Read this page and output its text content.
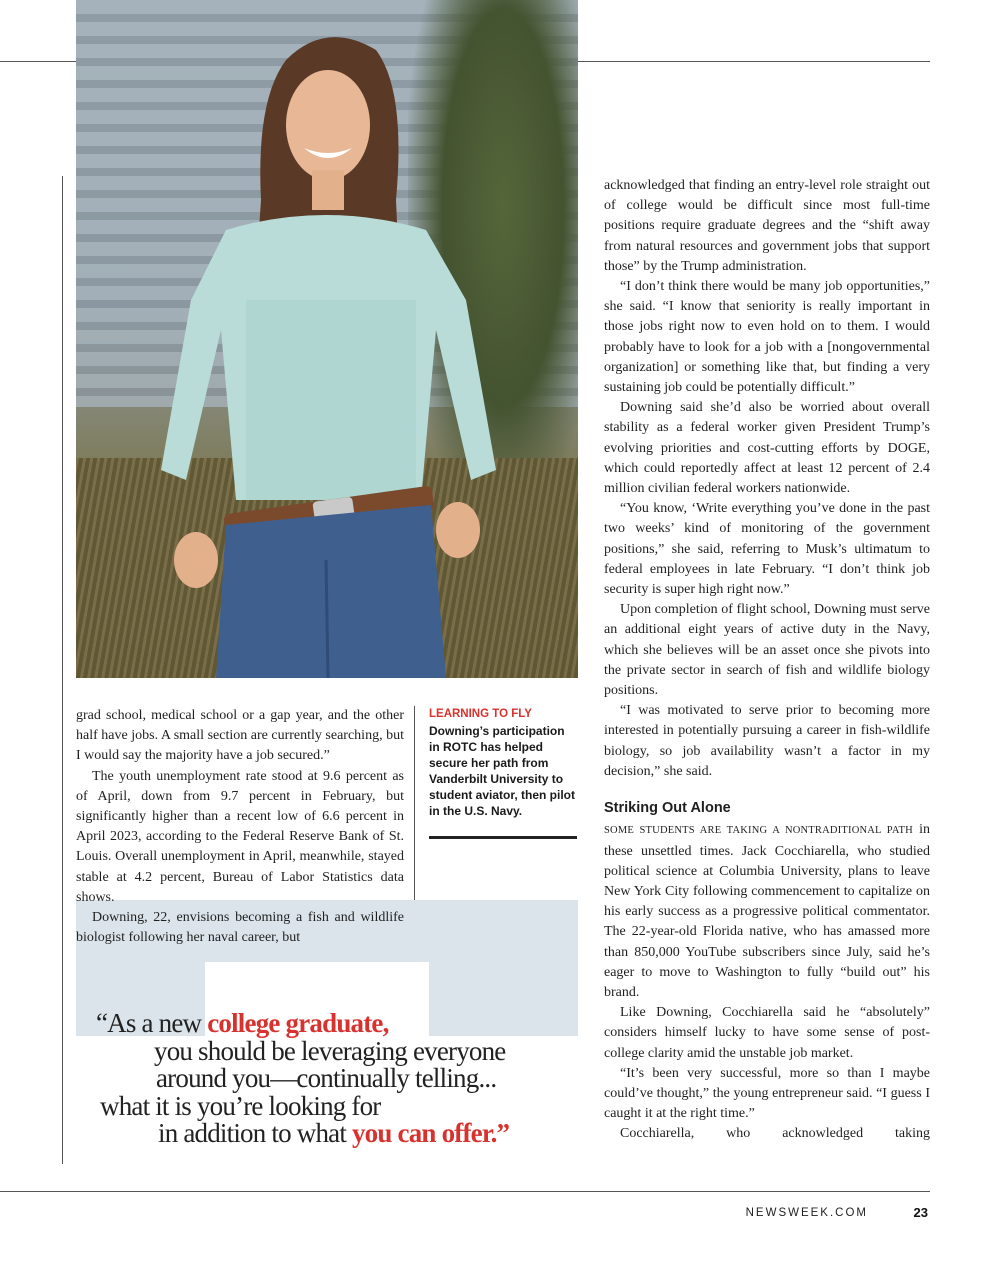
LEARNING TO FLY
Downing’s participation in ROTC has helped secure her path from Vanderbilt University to student aviator, then pilot in the U.S. Navy.

grad school, medical school or a gap year, and the other half have jobs. A small section are currently searching, but I would say the majority have a job secured.”

The youth unemployment rate stood at 9.6 percent as of April, down from 9.7 percent in February, but significantly higher than a recent low of 6.6 percent in April 2023, according to the Federal Reserve Bank of St. Louis. Overall unemployment in April, meanwhile, stayed stable at 4.2 percent, Bureau of Labor Statistics data shows.

Downing, 22, envisions becoming a fish and wildlife biologist following her naval career, but

acknowledged that finding an entry-level role straight out of college would be difficult since most full-time positions require graduate degrees and the “shift away from natural resources and government jobs that support those” by the Trump administration.

“I don’t think there would be many job opportunities,” she said. “I know that seniority is really important in those jobs right now to even hold on to them. I would probably have to look for a job with a [nongovernmental organization] or something like that, but finding a very sustaining job could be potentially difficult.”

Downing said she’d also be worried about overall stability as a federal worker given President Trump’s evolving priorities and cost-cutting efforts by DOGE, which could reportedly affect at least 12 percent of 2.4 million civilian federal workers nationwide.

“You know, ‘Write everything you’ve done in the past two weeks’ kind of monitoring of the government positions,” she said, referring to Musk’s ultimatum to federal employees in late February. “I don’t think job security is super high right now.”

Upon completion of flight school, Downing must serve an additional eight years of active duty in the Navy, which she believes will be an asset once she pivots into the private sector in search of fish and wildlife biology positions.

“I was motivated to serve prior to becoming more interested in potentially pursuing a career in fish-wildlife biology, so job availability wasn’t a factor in my decision,” she said.

Striking Out Alone

SOME STUDENTS ARE TAKING A NONTRADITIONAL PATH in these unsettled times. Jack Cocchiarella, who studied political science at Columbia University, plans to leave New York City following commencement to capitalize on his early success as a progressive political commentator. The 22-year-old Florida native, who has amassed more than 850,000 YouTube subscribers since July, said he’s eager to move to Washington to fully “build out” his brand.

Like Downing, Cocchiarella said he “absolutely” considers himself lucky to have some sense of post-college clarity amid the unstable job market.

“It’s been very successful, more so than I maybe could’ve thought,” the young entrepreneur said. “I guess I caught it at the right time.”

Cocchiarella, who acknowledged taking

“As a new college graduate,
you should be leveraging everyone
around you—continually telling...
what it is you’re looking for
in addition to what you can offer.”
NEWSWEEK.COM	23
